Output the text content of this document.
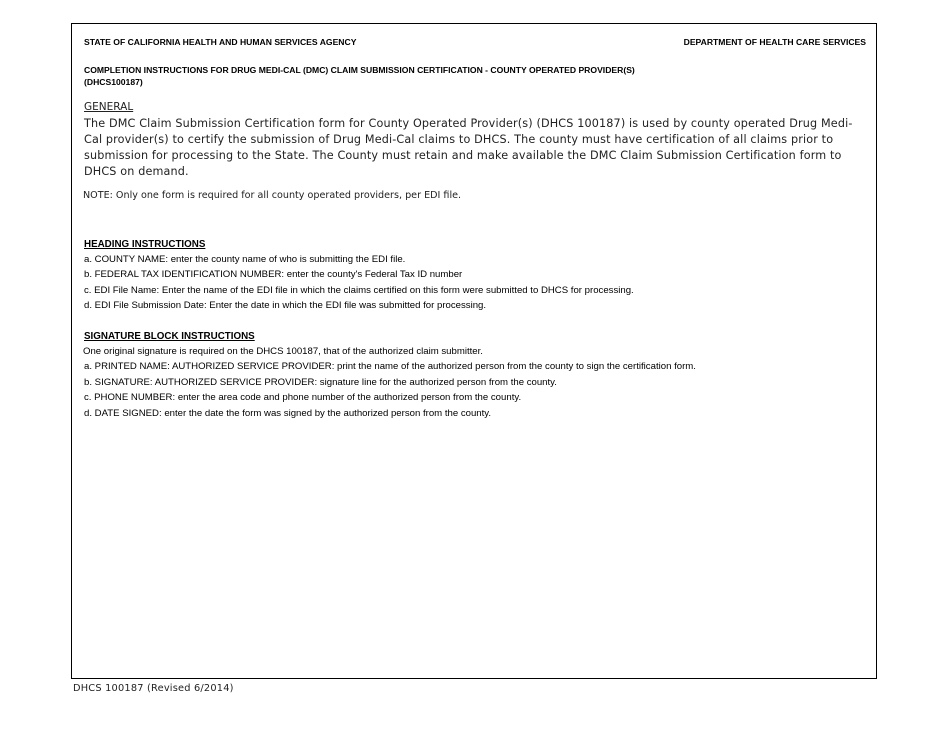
STATE OF CALIFORNIA HEALTH AND HUMAN SERVICES AGENCY	DEPARTMENT OF HEALTH CARE SERVICES
COMPLETION INSTRUCTIONS FOR DRUG MEDI-CAL (DMC) CLAIM SUBMISSION CERTIFICATION - COUNTY OPERATED PROVIDER(S)
(DHCS100187)
GENERAL
The DMC Claim Submission Certification form for County Operated Provider(s) (DHCS 100187) is used by county operated Drug Medi-Cal provider(s) to certify the submission of Drug Medi-Cal claims to DHCS. The county must have certification of all claims prior to submission for processing to the State. The County must retain and make available the DMC Claim Submission Certification form to DHCS on demand.
NOTE: Only one form is required for all county operated providers, per EDI file.
HEADING INSTRUCTIONS
a. COUNTY NAME: enter the county name of who is submitting the EDI file.
b. FEDERAL TAX IDENTIFICATION NUMBER: enter the county's Federal Tax ID number
c. EDI File Name: Enter the name of the EDI file in which the claims certified on this form were submitted to DHCS for processing.
d. EDI File Submission Date: Enter the date in which the EDI file was submitted for processing.
SIGNATURE BLOCK INSTRUCTIONS
One original signature is required on the DHCS 100187, that of the authorized claim submitter.
a. PRINTED NAME: AUTHORIZED SERVICE PROVIDER: print the name of the authorized person from the county to sign the certification form.
b. SIGNATURE: AUTHORIZED SERVICE PROVIDER: signature line for the authorized person from the county.
c. PHONE NUMBER: enter the area code and phone number of the authorized person from the county.
d. DATE SIGNED: enter the date the form was signed by the authorized person from the county.
DHCS 100187 (Revised 6/2014)
